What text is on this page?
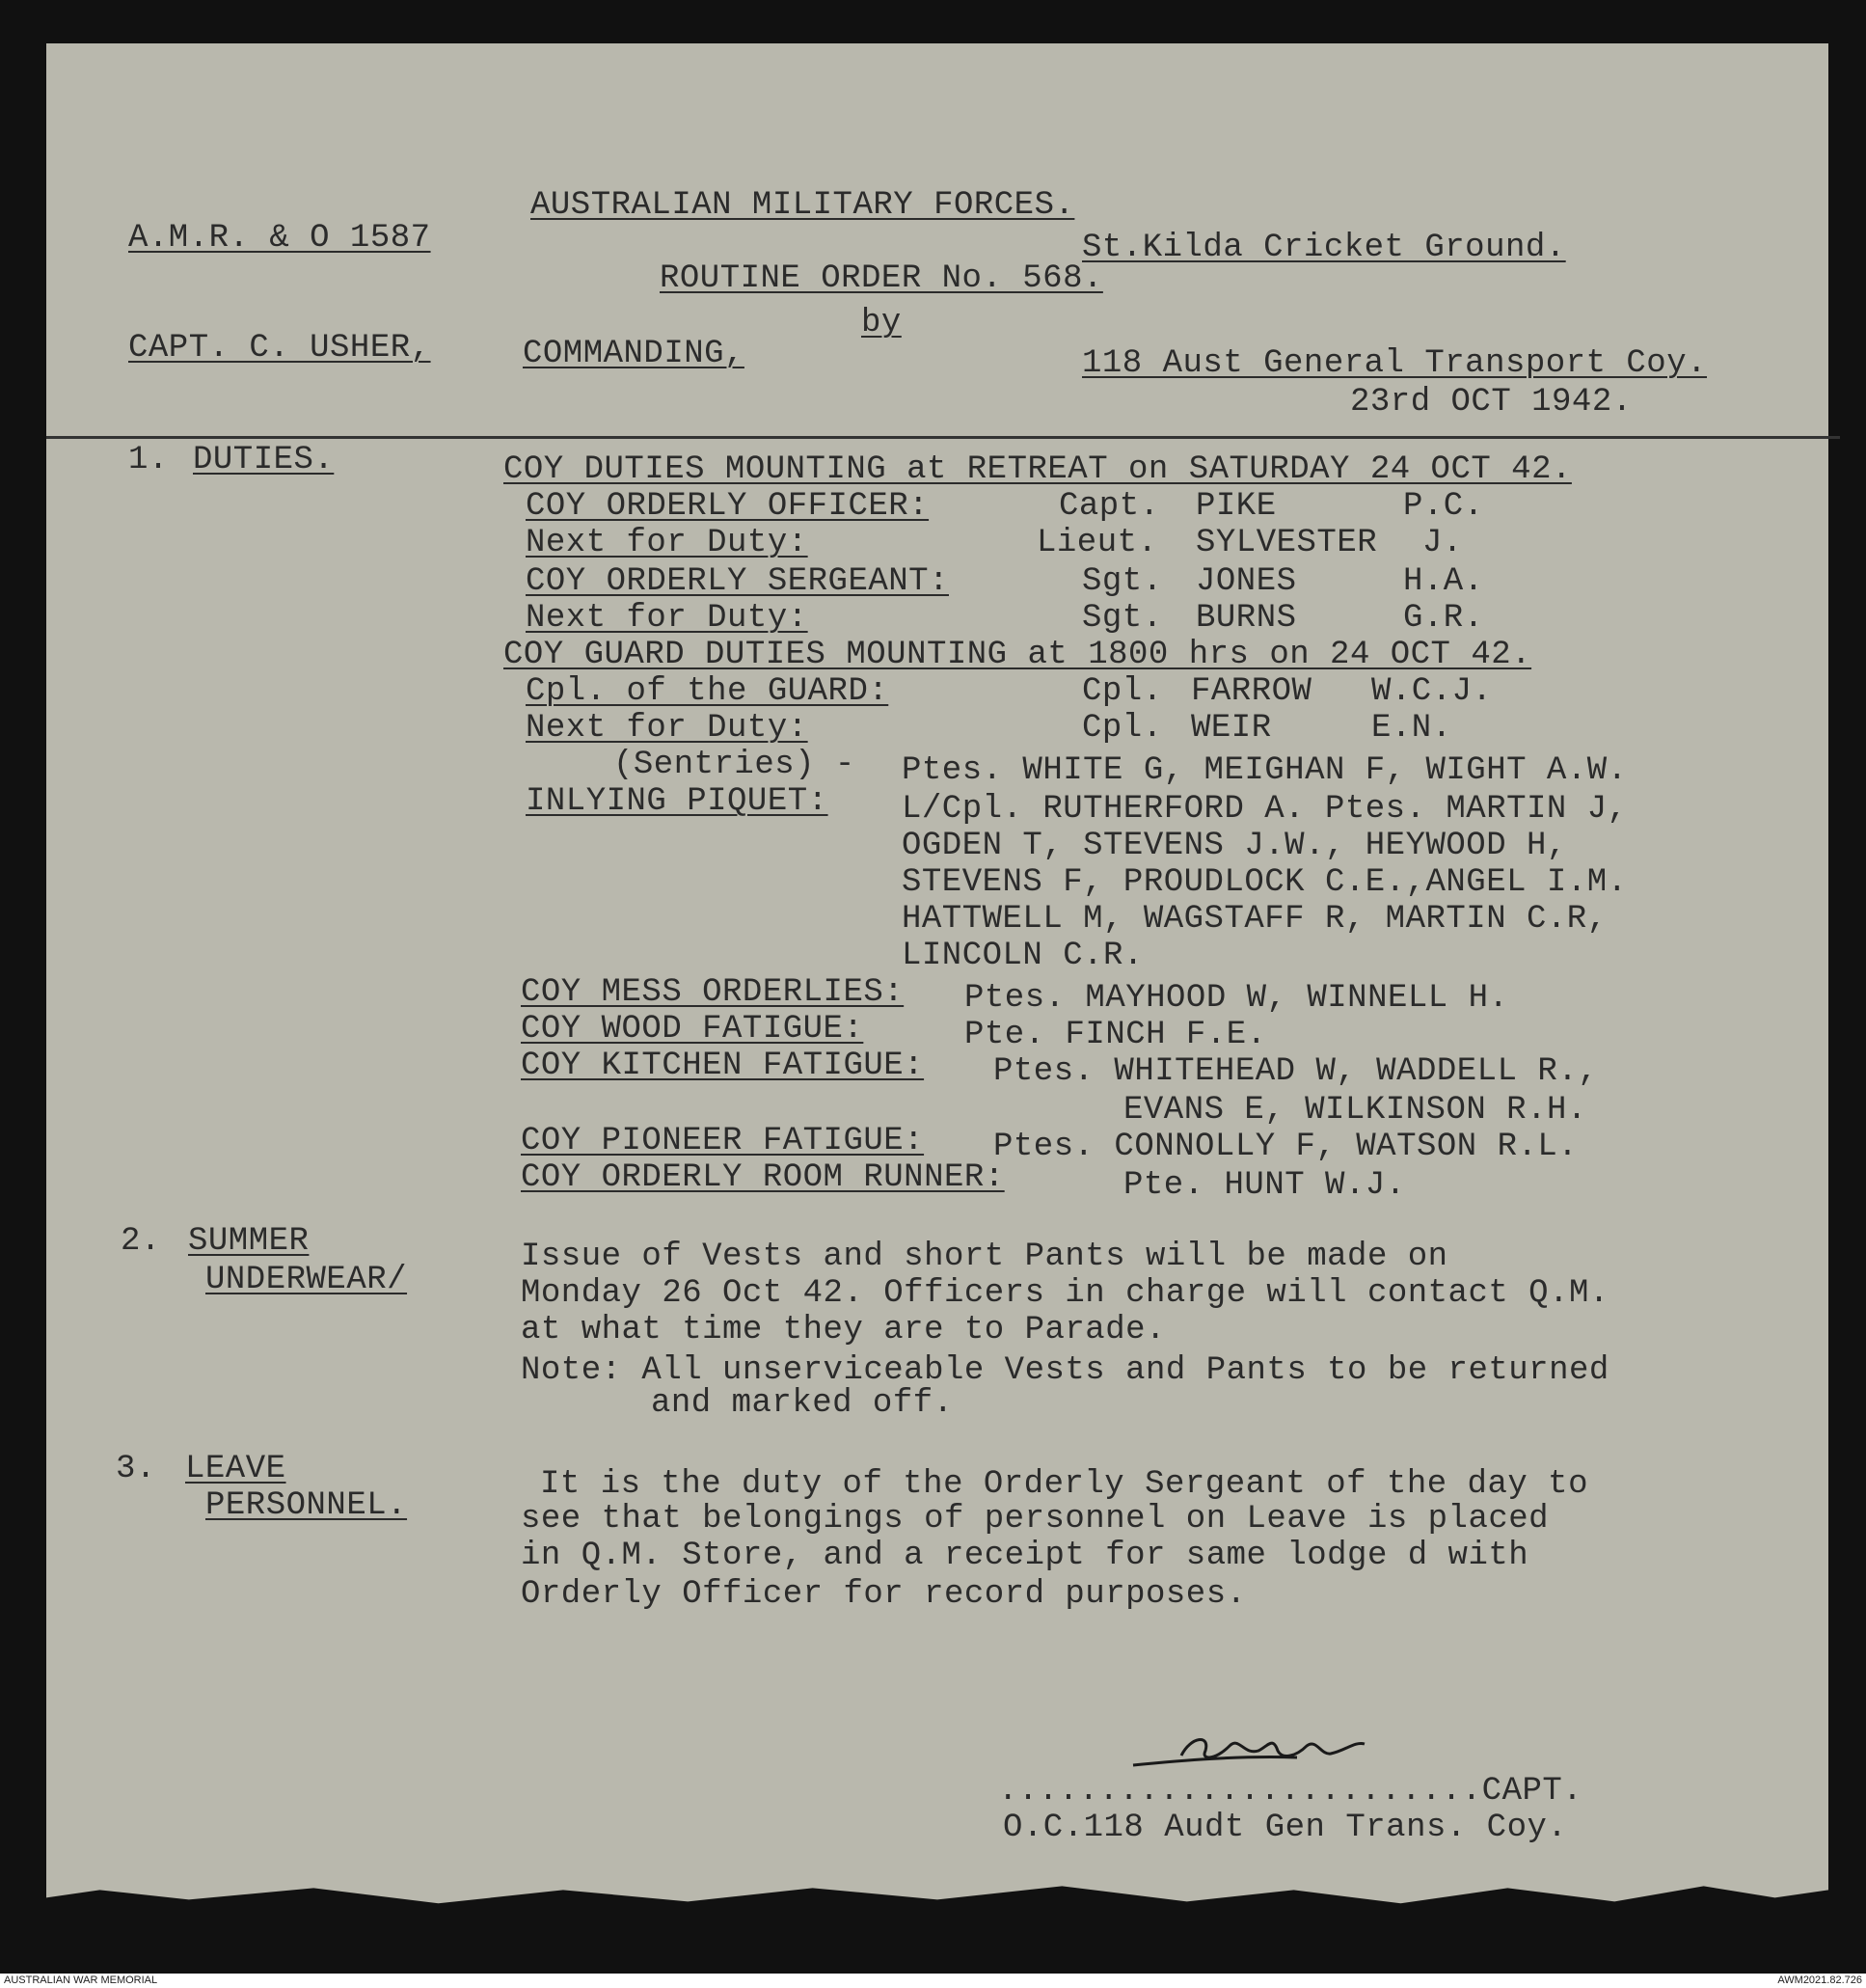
A.M.R. & O 1587
AUSTRALIAN MILITARY FORCES.
St.Kilda Cricket Ground.
ROUTINE ORDER No. 568.
by
CAPT. C. USHER,	COMMANDING,	118 Aust General Transport Coy.
23rd OCT 1942.
1. DUTIES.	COY DUTIES MOUNTING at RETREAT on SATURDAY 24 OCT 42.
COY ORDERLY OFFICER:	Capt. PIKE	P.C.
Next for Duty:	Lieut. SYLVESTER J.
COY ORDERLY SERGEANT:	Sgt. JONES	H.A.
Next for Duty:	Sgt. BURNS	G.R.
COY GUARD DUTIES MOUNTING at 1800 hrs on 24 OCT 42.
Cpl. of the GUARD:	Cpl. FARROW W.C.J.
Next for Duty:	Cpl. WEIR	E.N.
(Sentries) - Ptes. WHITE G, MEIGHAN F, WIGHT A.W.
INLYING PIQUET: L/Cpl. RUTHERFORD A. Ptes. MARTIN J,
OGDEN T, STEVENS J.W., HEYWOOD H,
STEVENS F, PROUDLOCK C.E.,ANGEL I.M.
HATTWELL M, WAGSTAFF R, MARTIN C.R,
LINCOLN C.R.
COY MESS ORDERLIES: Ptes. MAYHOOD W, WINNELL H.
COY WOOD FATIGUE:	Pte. FINCH F.E.
COY KITCHEN FATIGUE: Ptes. WHITEHEAD W, WADDELL R.,
EVANS E, WILKINSON R.H.
COY PIONEER FATIGUE: Ptes. CONNOLLY F, WATSON R.L.
COY ORDERLY ROOM RUNNER:	Pte. HUNT W.J.
2. SUMMER
UNDERWEAR/
Issue of Vests and short Pants will be made on
Monday 26 Oct 42. Officers in charge will contact Q.M.
at what time they are to Parade.
Note: All unserviceable Vests and Pants to be returned
and marked off.
3. LEAVE
PERSONNEL.
It is the duty of the Orderly Sergeant of the day to
see that belongings of personnel on Leave is placed
in Q.M. Store, and a receipt for same lodge d with
Orderly Officer for record purposes.
........................CAPT.
O.C.118 Audt Gen Trans. Coy.
AUSTRALIAN WAR MEMORIAL	AWM2021.82.726
